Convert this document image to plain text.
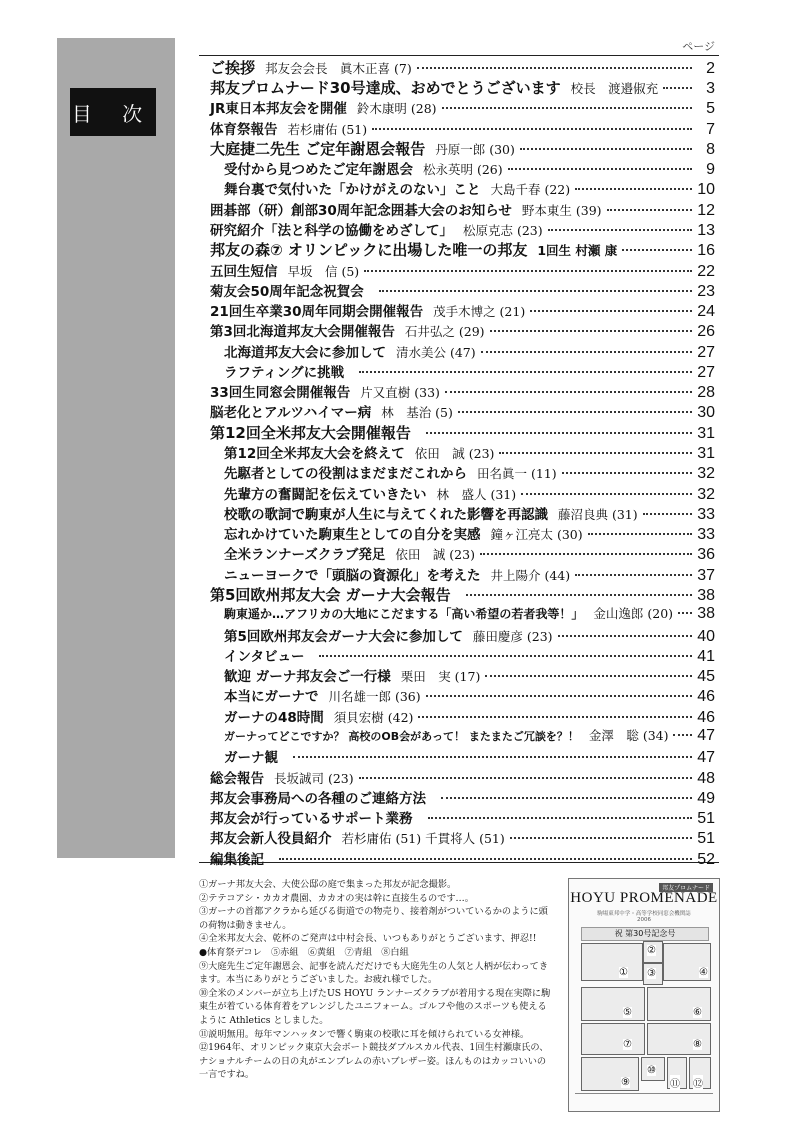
目 次
ページ
ご挨拶 邦友会会長　眞木正喜 (7)	2
邦友プロムナード30号達成、おめでとうございます 校長　渡邉俶充	3
JR東日本邦友会を開催 鈴木康明 (28)	5
体育祭報告 若杉庸佑 (51)	7
大庭捷二先生 ご定年謝恩会報告 丹原一郎 (30)	8
受付から見つめたご定年謝恩会 松永英明 (26)	9
舞台裏で気付いた「かけがえのない」こと 大島千春 (22)	10
囲碁部（研）創部30周年記念囲碁大会のお知らせ 野本東生 (39)	12
研究紹介「法と科学の協働をめざして」 松原克志 (23)	13
邦友の森⑦ オリンピックに出場した唯一の邦友 1回生 村瀬 康	16
五回生短信 早坂　信 (5)	22
菊友会50周年記念祝賀会	23
21回生卒業30周年同期会開催報告 茂手木博之 (21)	24
第3回北海道邦友大会開催報告 石井弘之 (29)	26
北海道邦友大会に参加して 清水美公 (47)	27
ラフティングに挑戦	27
33回生同窓会開催報告 片又直樹 (33)	28
脳老化とアルツハイマー病 林　基治 (5)	30
第12回全米邦友大会開催報告	31
第12回全米邦友大会を終えて 依田　誠 (23)	31
先駆者としての役割はまだまだこれから 田名眞一 (11)	32
先輩方の奮闘記を伝えていきたい 林　盛人 (31)	32
校歌の歌詞で駒東が人生に与えてくれた影響を再認識 藤沼良典 (31)	33
忘れかけていた駒東生としての自分を実感 鐘ヶ江亮太 (30)	33
全米ランナーズクラブ発足 依田　誠 (23)	36
ニューヨークで「頭脳の資源化」を考えた 井上陽介 (44)	37
第5回欧州邦友大会 ガーナ大会報告	38
駒東遥か…アフリカの大地にこだまする「高い希望の若者我等！」 金山逸郎 (20) 38
第5回欧州邦友会ガーナ大会に参加して 藤田慶彦 (23)	40
インタビュー	41
歓迎 ガーナ邦友会ご一行様 栗田　実 (17)	45
本当にガーナで 川名雄一郎 (36)	46
ガーナの48時間 須貝宏樹 (42)	46
ガーナってどこですか？ 高校のOB会があって！ またまたご冗談を？！ 金澤　聡 (34) 47
ガーナ観	47
総会報告 長坂誠司 (23)	48
邦友会事務局への各種のご連絡方法	49
邦友会が行っているサポート業務	51
邦友会新人役員紹介 若杉庸佑 (51) 千貫将人 (51)	51
編集後記	52
①ガーナ邦友大会、大使公邸の庭で集まった邦友が記念撮影。
②テテコアシ・カカオ農園、カカオの実は幹に直接生るのです…。
③ガーナの首都アクラから延びる街道での物売り、接着剤がついているかのように頭の荷物は動きません。
④全米邦友大会、乾杯のご発声は中村会長、いつもありがとうございます、押忍!!
●体育祭デコレ　⑤赤組　⑥黄組　⑦青組　⑧白組
⑨大庭先生ご定年謝恩会、記事を読んだだけでも大庭先生の人気と人柄が伝わってきます。本当にありがとうございました。お疲れ様でした。
⑩全米のメンバーが立ち上げたUS HOYU ランナーズクラブが着用する現在実際に駒東生が着ている体育着をアレンジしたユニフォーム。ゴルフや他のスポーツも使えるように Athletics としました。
⑪説明無用。毎年マンハッタンで響く駒東の校歌に耳を傾けられている女神様。
⑫1964年、オリンピック東京大会ボート競技ダブルスカル代表、1回生村瀬康氏の、ナショナルチームの日の丸がエンブレムの赤いブレザー姿。ほんものはカッコいいの一言ですね。
邦友プロムナード
HOYU PROMENADE
駒場東邦中学・高等学校同窓会機関誌
2006
祝 第30号記念号
①
②
③	④
⑤	⑥
⑦	⑧
⑨
⑩
⑪ ⑫
